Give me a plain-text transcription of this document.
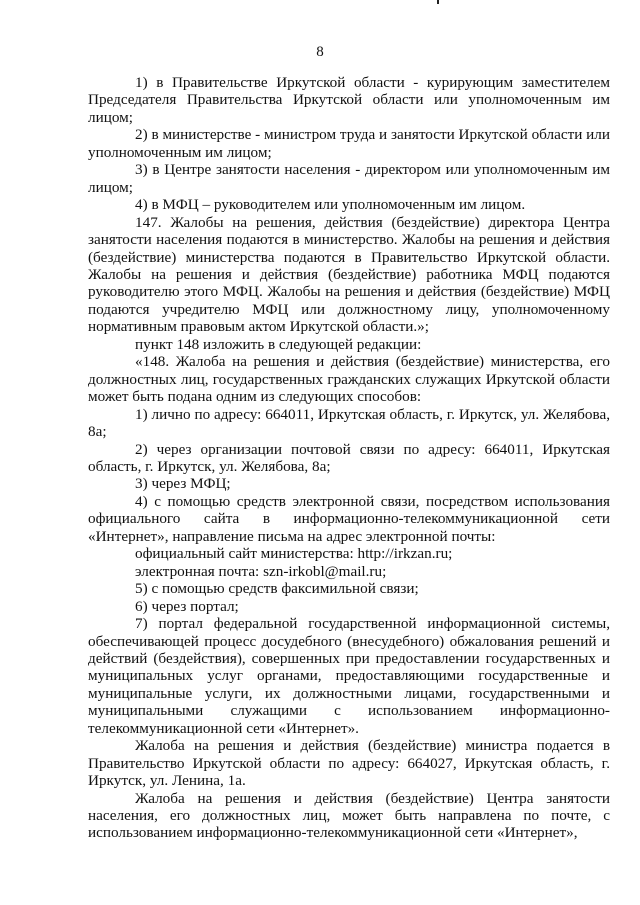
8

1) в Правительстве Иркутской области - курирующим заместителем Председателя Правительства Иркутской области или уполномоченным им лицом;

2) в министерстве - министром труда и занятости Иркутской области или уполномоченным им лицом;

3) в Центре занятости населения - директором или уполномоченным им лицом;

4) в МФЦ – руководителем или уполномоченным им лицом.

147. Жалобы на решения, действия (бездействие) директора Центра занятости населения подаются в министерство. Жалобы на решения и действия (бездействие) министерства подаются в Правительство Иркутской области. Жалобы на решения и действия (бездействие) работника МФЦ подаются руководителю этого МФЦ. Жалобы на решения и действия (бездействие) МФЦ подаются учредителю МФЦ или должностному лицу, уполномоченному нормативным правовым актом Иркутской области.»;

пункт 148 изложить в следующей редакции:

«148. Жалоба на решения и действия (бездействие) министерства, его должностных лиц, государственных гражданских служащих Иркутской области может быть подана одним из следующих способов:

1) лично по адресу: 664011, Иркутская область, г. Иркутск, ул. Желябова, 8а;

2) через организации почтовой связи по адресу: 664011, Иркутская область, г. Иркутск, ул. Желябова, 8а;

3) через МФЦ;

4) с помощью средств электронной связи, посредством использования официального сайта в информационно-телекоммуникационной сети «Интернет», направление письма на адрес электронной почты:

официальный сайт министерства: http://irkzan.ru;

электронная почта: szn-irkobl@mail.ru;

5) с помощью средств факсимильной связи;

6) через портал;

7) портал федеральной государственной информационной системы, обеспечивающей процесс досудебного (внесудебного) обжалования решений и действий (бездействия), совершенных при предоставлении государственных и муниципальных услуг органами, предоставляющими государственные и муниципальные услуги, их должностными лицами, государственными и муниципальными служащими с использованием информационно-телекоммуникационной сети «Интернет».

Жалоба на решения и действия (бездействие) министра подается в Правительство Иркутской области по адресу: 664027, Иркутская область, г. Иркутск, ул. Ленина, 1а.

Жалоба на решения и действия (бездействие) Центра занятости населения, его должностных лиц, может быть направлена по почте, с использованием информационно-телекоммуникационной сети «Интернет»,
